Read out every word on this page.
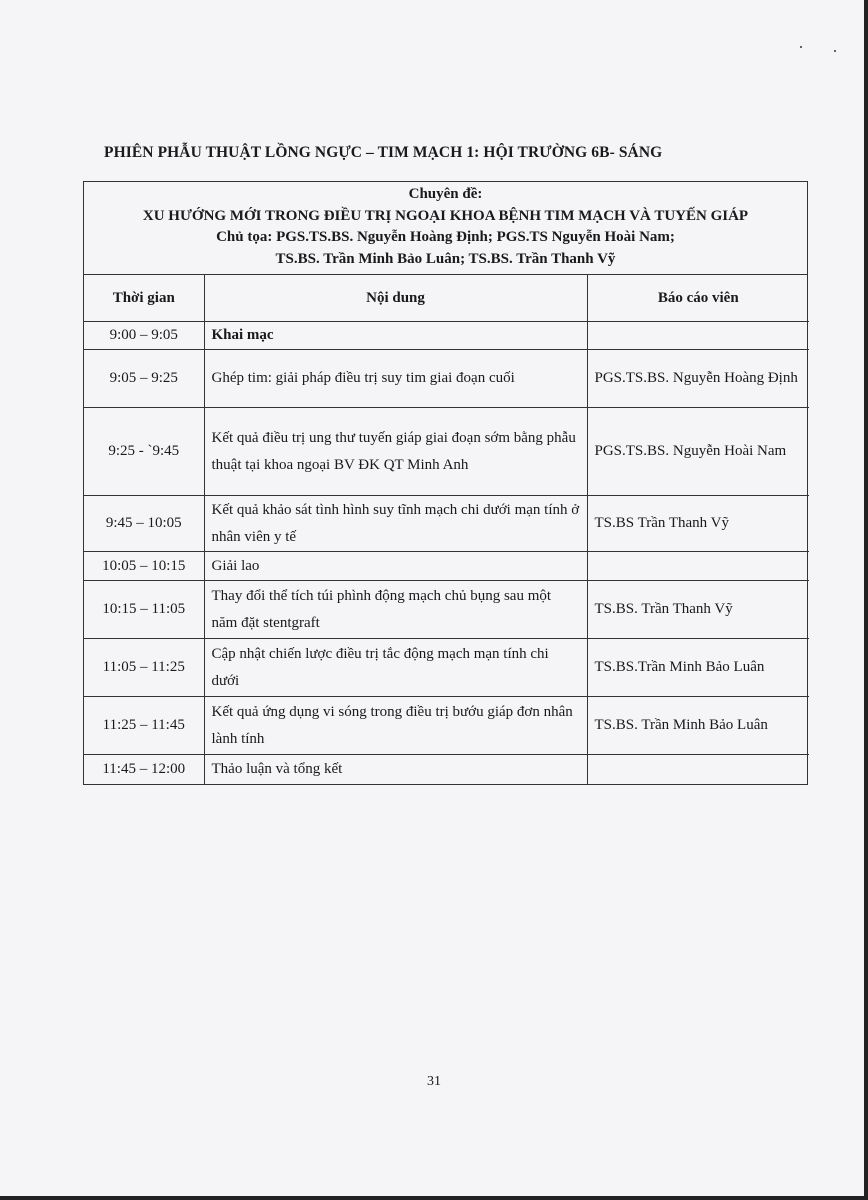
PHIÊN PHẪU THUẬT LỒNG NGỰC – TIM MẠCH 1: HỘI TRƯỜNG 6B- SÁNG
Chuyên đề:
XU HƯỚNG MỚI TRONG ĐIỀU TRỊ NGOẠI KHOA BỆNH TIM MẠCH VÀ TUYẾN GIÁP
Chủ tọa: PGS.TS.BS. Nguyễn Hoàng Định; PGS.TS Nguyễn Hoài Nam;
TS.BS. Trần Minh Bảo Luân; TS.BS. Trần Thanh Vỹ
Thời gian	Nội dung	Báo cáo viên
9:00 – 9:05	Khai mạc	
9:05 – 9:25	Ghép tim: giải pháp điều trị suy tim giai đoạn cuối	PGS.TS.BS. Nguyễn Hoàng Định
9:25 - `9:45	Kết quả điều trị ung thư tuyến giáp giai đoạn sớm bằng phẫu thuật tại khoa ngoại BV ĐK QT Minh Anh	PGS.TS.BS. Nguyễn Hoài Nam
9:45 – 10:05	Kết quả khảo sát tình hình suy tĩnh mạch chi dưới mạn tính ở nhân viên y tế	TS.BS Trần Thanh Vỹ
10:05 – 10:15	Giải lao	
10:15 – 11:05	Thay đổi thể tích túi phình động mạch chủ bụng sau một năm đặt stentgraft	TS.BS. Trần Thanh Vỹ
11:05 – 11:25	Cập nhật chiến lược điều trị tắc động mạch mạn tính chi dưới	TS.BS.Trần Minh Bảo Luân
11:25 – 11:45	Kết quả ứng dụng vi sóng trong điều trị bướu giáp đơn nhân lành tính	TS.BS. Trần Minh Bảo Luân
11:45 – 12:00	Thảo luận và tổng kết	
31
